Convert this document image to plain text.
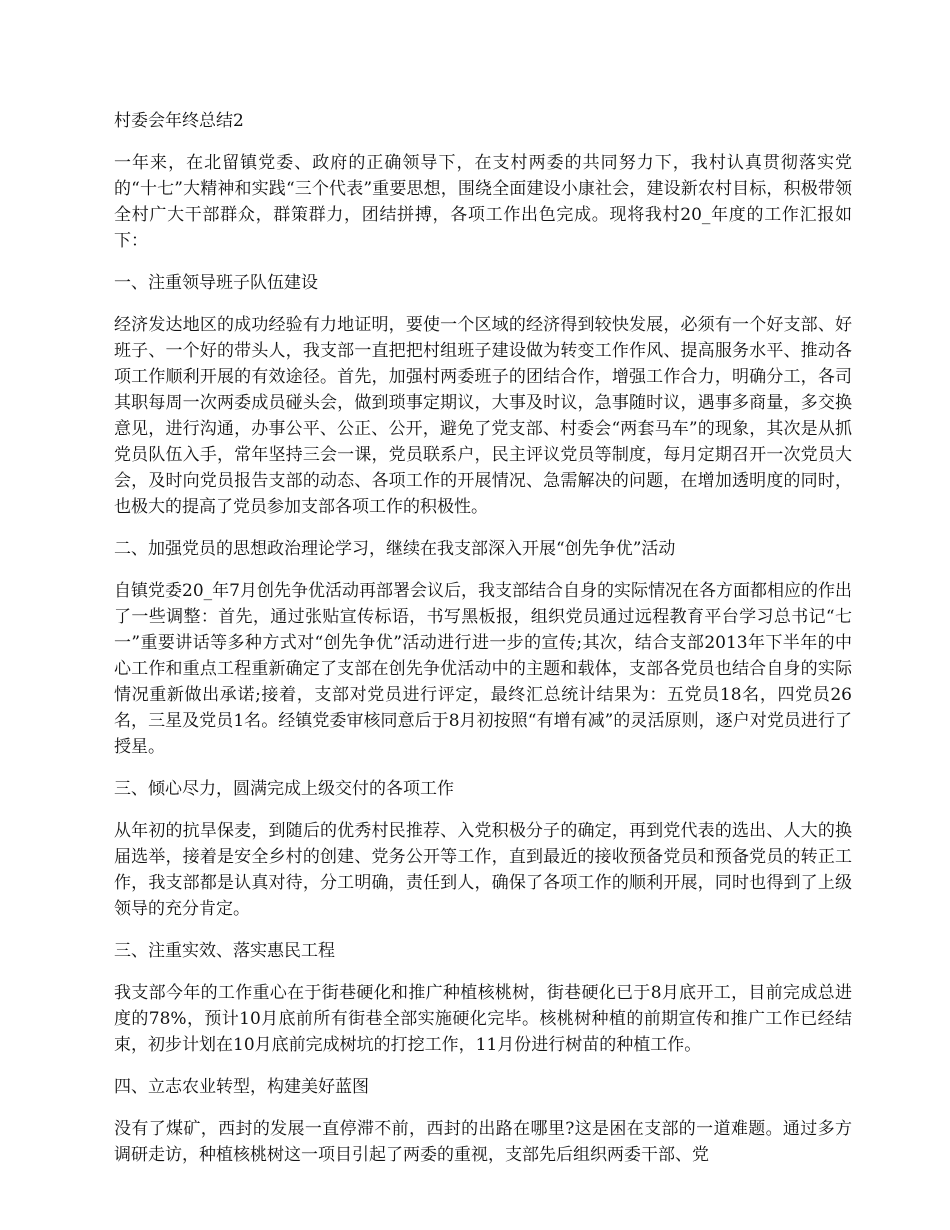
村委会年终总结2

一年来，在北留镇党委、政府的正确领导下，在支村两委的共同努力下，我村认真贯彻落实党的“十七”大精神和实践“三个代表”重要思想，围绕全面建设小康社会，建设新农村目标，积极带领全村广大干部群众，群策群力，团结拼搏，各项工作出色完成。现将我村20_年度的工作汇报如下：

一、注重领导班子队伍建设

经济发达地区的成功经验有力地证明，要使一个区域的经济得到较快发展，必须有一个好支部、好班子、一个好的带头人，我支部一直把把村组班子建设做为转变工作作风、提高服务水平、推动各项工作顺利开展的有效途径。首先，加强村两委班子的团结合作，增强工作合力，明确分工，各司其职每周一次两委成员碰头会，做到琐事定期议，大事及时议，急事随时议，遇事多商量，多交换意见，进行沟通，办事公平、公正、公开，避免了党支部、村委会“两套马车”的现象，其次是从抓党员队伍入手，常年坚持三会一课，党员联系户，民主评议党员等制度，每月定期召开一次党员大会，及时向党员报告支部的动态、各项工作的开展情况、急需解决的问题，在增加透明度的同时，也极大的提高了党员参加支部各项工作的积极性。

二、加强党员的思想政治理论学习，继续在我支部深入开展“创先争优”活动

自镇党委20_年7月创先争优活动再部署会议后，我支部结合自身的实际情况在各方面都相应的作出了一些调整：首先，通过张贴宣传标语，书写黑板报，组织党员通过远程教育平台学习总书记“七一”重要讲话等多种方式对“创先争优”活动进行进一步的宣传;其次，结合支部2013年下半年的中心工作和重点工程重新确定了支部在创先争优活动中的主题和载体，支部各党员也结合自身的实际情况重新做出承诺;接着，支部对党员进行评定，最终汇总统计结果为：五党员18名，四党员26名，三星及党员1名。经镇党委审核同意后于8月初按照“有增有减”的灵活原则，逐户对党员进行了授星。

三、倾心尽力，圆满完成上级交付的各项工作

从年初的抗旱保麦，到随后的优秀村民推荐、入党积极分子的确定，再到党代表的选出、人大的换届选举，接着是安全乡村的创建、党务公开等工作，直到最近的接收预备党员和预备党员的转正工作，我支部都是认真对待，分工明确，责任到人，确保了各项工作的顺利开展，同时也得到了上级领导的充分肯定。

三、注重实效、落实惠民工程

我支部今年的工作重心在于街巷硬化和推广种植核桃树，街巷硬化已于8月底开工，目前完成总进度的78%，预计10月底前所有街巷全部实施硬化完毕。核桃树种植的前期宣传和推广工作已经结束，初步计划在10月底前完成树坑的打挖工作，11月份进行树苗的种植工作。

四、立志农业转型，构建美好蓝图

没有了煤矿，西封的发展一直停滞不前，西封的出路在哪里?这是困在支部的一道难题。通过多方调研走访，种植核桃树这一项目引起了两委的重视，支部先后组织两委干部、党
